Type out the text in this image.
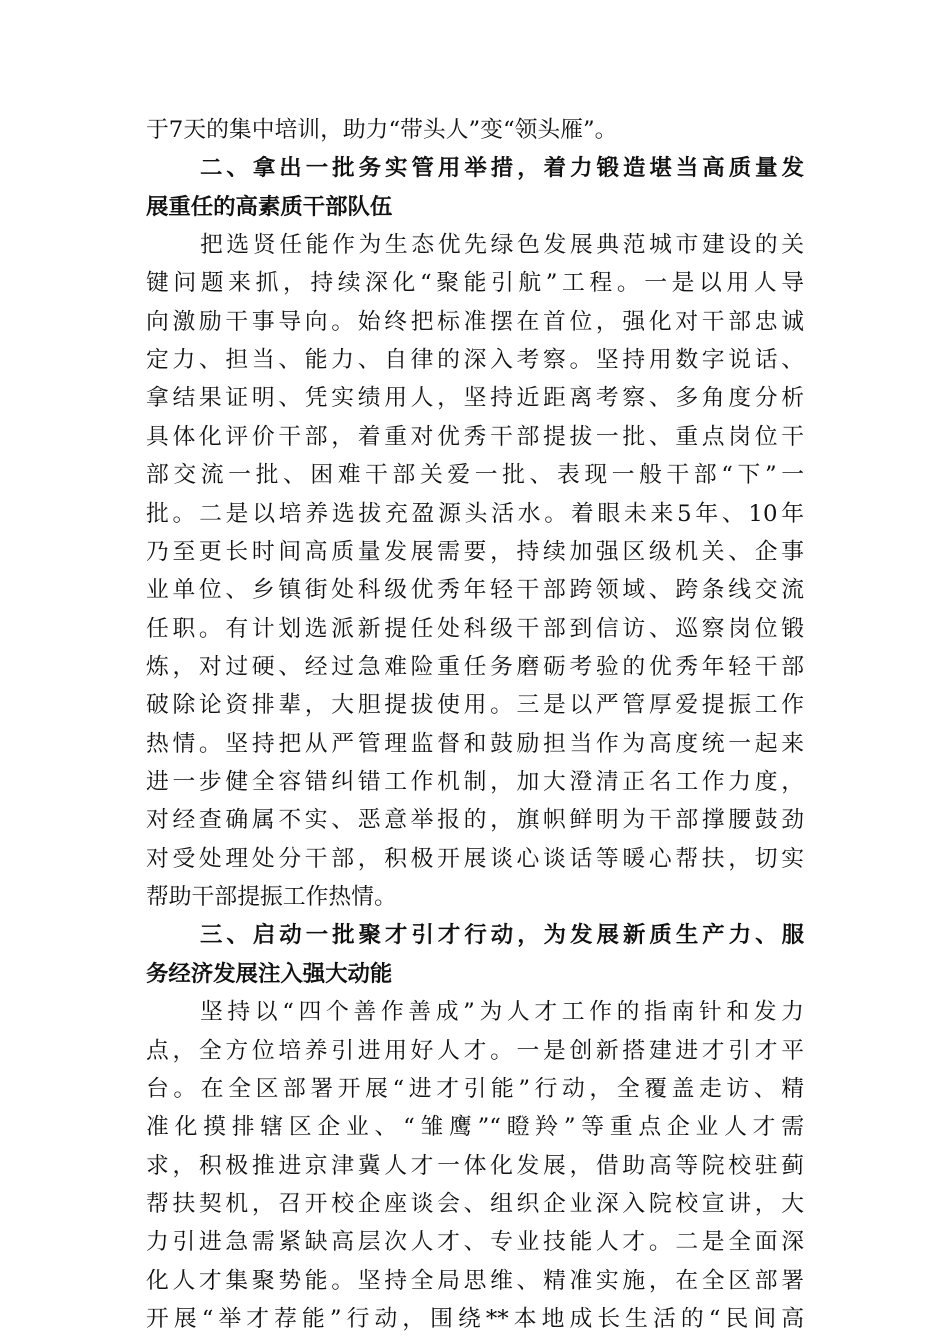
于7天的集中培训，助力“带头人”变“领头雁”。
二、拿出一批务实管用举措，着力锻造堪当高质量发
展重任的高素质干部队伍
把选贤任能作为生态优先绿色发展典范城市建设的关
键问题来抓，持续深化“聚能引航”工程。一是以用人导
向激励干事导向。始终把标准摆在首位，强化对干部忠诚
定力、担当、能力、自律的深入考察。坚持用数字说话、
拿结果证明、凭实绩用人，坚持近距离考察、多角度分析
具体化评价干部，着重对优秀干部提拔一批、重点岗位干
部交流一批、困难干部关爱一批、表现一般干部“下”一
批。二是以培养选拔充盈源头活水。着眼未来5年、10年
乃至更长时间高质量发展需要，持续加强区级机关、企事
业单位、乡镇街处科级优秀年轻干部跨领域、跨条线交流
任职。有计划选派新提任处科级干部到信访、巡察岗位锻
炼，对过硬、经过急难险重任务磨砺考验的优秀年轻干部
破除论资排辈，大胆提拔使用。三是以严管厚爱提振工作
热情。坚持把从严管理监督和鼓励担当作为高度统一起来
进一步健全容错纠错工作机制，加大澄清正名工作力度，
对经查确属不实、恶意举报的，旗帜鲜明为干部撑腰鼓劲
对受处理处分干部，积极开展谈心谈话等暖心帮扶，切实
帮助干部提振工作热情。
三、启动一批聚才引才行动，为发展新质生产力、服
务经济发展注入强大动能
坚持以“四个善作善成”为人才工作的指南针和发力
点，全方位培养引进用好人才。一是创新搭建进才引才平
台。在全区部署开展“进才引能”行动，全覆盖走访、精
准化摸排辖区企业、“雏鹰”“瞪羚”等重点企业人才需
求，积极推进京津冀人才一体化发展，借助高等院校驻蓟
帮扶契机，召开校企座谈会、组织企业深入院校宣讲，大
力引进急需紧缺高层次人才、专业技能人才。二是全面深
化人才集聚势能。坚持全局思维、精准实施，在全区部署
开展“举才荐能”行动，围绕**本地成长生活的“民间高
